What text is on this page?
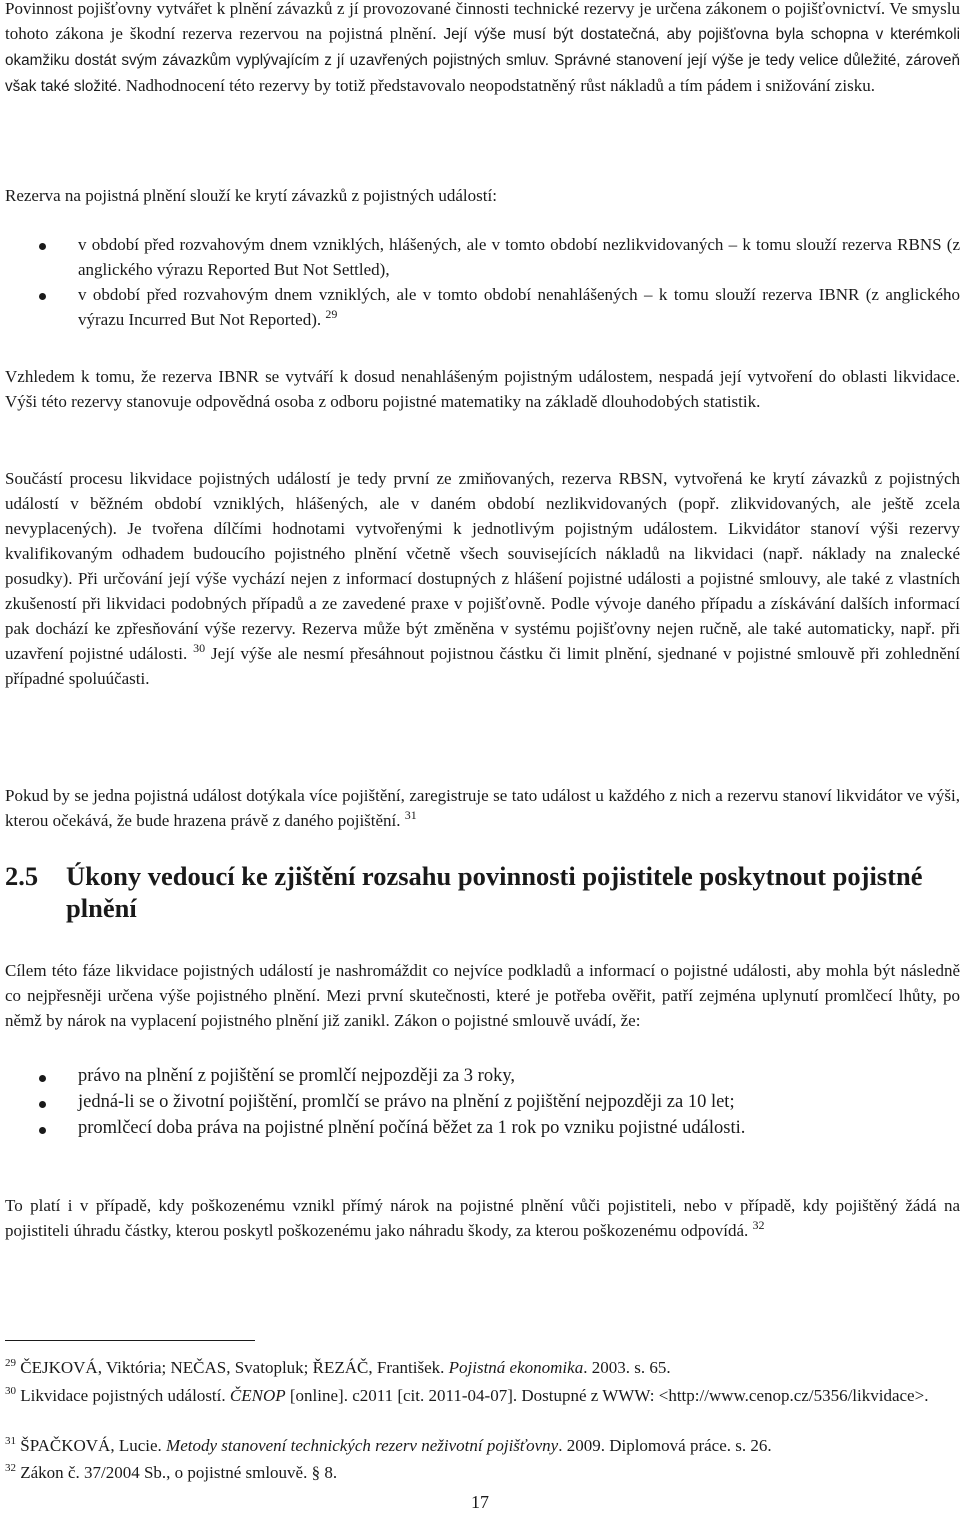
Povinnost pojišťovny vytvářet k plnění závazků z jí provozované činnosti technické rezervy je určena zákonem o pojišťovnictví. Ve smyslu tohoto zákona je škodní rezerva rezervou na pojistná plnění. Její výše musí být dostatečná, aby pojišťovna byla schopna v kterémkoli okamžiku dostát svým závazkům vyplývajícím z jí uzavřených pojistných smluv. Správné stanovení její výše je tedy velice důležité, zároveň však také složité. Nadhodnocení této rezervy by totiž představovalo neopodstatněný růst nákladů a tím pádem i snižování zisku.

Rezerva na pojistná plnění slouží ke krytí závazků z pojistných událostí:

v období před rozvahovým dnem vzniklých, hlášených, ale v tomto období nezlikvidovaných – k tomu slouží rezerva RBNS (z anglického výrazu Reported But Not Settled),
v období před rozvahovým dnem vzniklých, ale v tomto období nenahlášených – k tomu slouží rezerva IBNR (z anglického výrazu Incurred But Not Reported). $^{29}$

Vzhledem k tomu, že rezerva IBNR se vytváří k dosud nenahlášeným pojistným událostem, nespadá její vytvoření do oblasti likvidace. Výši této rezervy stanovuje odpovědná osoba z odboru pojistné matematiky na základě dlouhodobých statistik.

Součástí procesu likvidace pojistných událostí je tedy první ze zmiňovaných, rezerva RBSN, vytvořená ke krytí závazků z pojistných událostí v běžném období vzniklých, hlášených, ale v daném období nezlikvidovaných (popř. zlikvidovaných, ale ještě zcela nevyplacených). Je tvořena dílčími hodnotami vytvořenými k jednotlivým pojistným událostem. Likvidátor stanoví výši rezervy kvalifikovaným odhadem budoucího pojistného plnění včetně všech souvisejících nákladů na likvidaci (např. náklady na znalecké posudky). Při určování její výše vychází nejen z informací dostupných z hlášení pojistné události a pojistné smlouvy, ale také z vlastních zkušeností při likvidaci podobných případů a ze zavedené praxe v pojišťovně. Podle vývoje daného případu a získávání dalších informací pak dochází ke zpřesňování výše rezervy. Rezerva může být změněna v systému pojišťovny nejen ručně, ale také automaticky, např. při uzavření pojistné události. $^{30}$ Její výše ale nesmí přesáhnout pojistnou částku či limit plnění, sjednané v pojistné smlouvě při zohlednění případné spoluúčasti.

Pokud by se jedna pojistná událost dotýkala více pojištění, zaregistruje se tato událost u každého z nich a rezervu stanoví likvidátor ve výši, kterou očekává, že bude hrazena právě z daného pojištění. $^{31}$

2.5	Úkony vedoucí ke zjištění rozsahu povinnosti pojistitele poskytnout pojistné plnění

Cílem této fáze likvidace pojistných událostí je nashromáždit co nejvíce podkladů a informací o pojistné události, aby mohla být následně co nejpřesněji určena výše pojistného plnění. Mezi první skutečnosti, které je potřeba ověřit, patří zejména uplynutí promlčecí lhůty, po němž by nárok na vyplacení pojistného plnění již zanikl. Zákon o pojistné smlouvě uvádí, že:

právo na plnění z pojištění se promlčí nejpozději za 3 roky,
jedná-li se o životní pojištění, promlčí se právo na plnění z pojištění nejpozději za 10 let;
promlčecí doba práva na pojistné plnění počíná běžet za 1 rok po vzniku pojistné události.

To platí i v případě, kdy poškozenému vznikl přímý nárok na pojistné plnění vůči pojistiteli, nebo v případě, kdy pojištěný žádá na pojistiteli úhradu částky, kterou poskytl poškozenému jako náhradu škody, za kterou poškozenému odpovídá. $^{32}$

$^{29}$ ČEJKOVÁ, Viktória; NEČAS, Svatopluk; ŘEZÁČ, František. Pojistná ekonomika. 2003. s. 65.

$^{30}$ Likvidace pojistných událostí. ČENOP [online]. c2011 [cit. 2011-04-07]. Dostupné z WWW: <http://www.cenop.cz/5356/likvidace>.

$^{31}$ ŠPAČKOVÁ, Lucie. Metody stanovení technických rezerv neživotní pojišťovny. 2009. Diplomová práce. s. 26.

$^{32}$ Zákon č. 37/2004 Sb., o pojistné smlouvě. § 8.

17
